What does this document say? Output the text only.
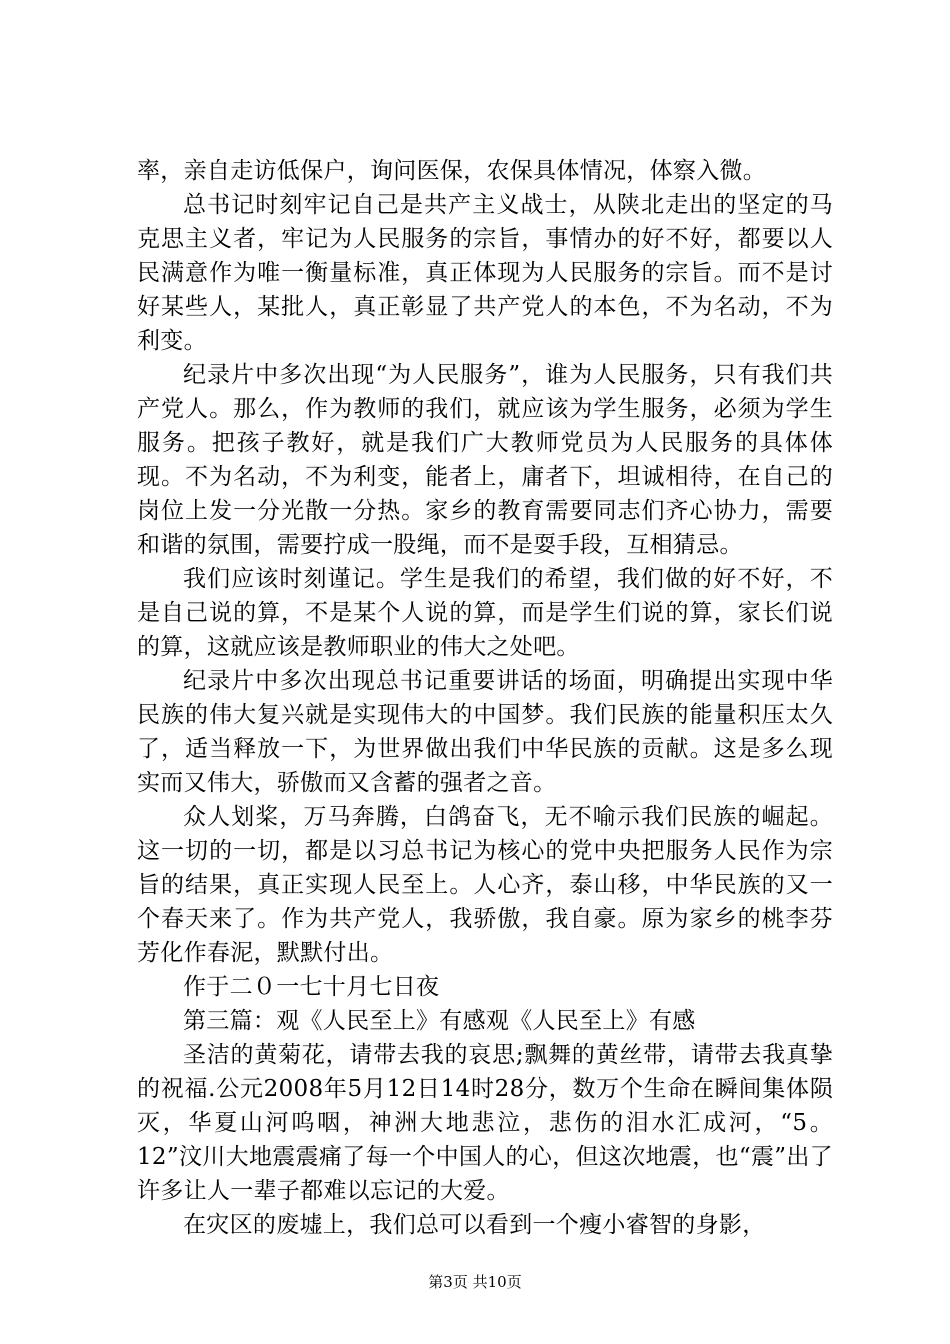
率，亲自走访低保户，询问医保，农保具体情况，体察入微。

总书记时刻牢记自己是共产主义战士，从陕北走出的坚定的马克思主义者，牢记为人民服务的宗旨，事情办的好不好，都要以人民满意作为唯一衡量标准，真正体现为人民服务的宗旨。而不是讨好某些人，某批人，真正彰显了共产党人的本色，不为名动，不为利变。

纪录片中多次出现“为人民服务”，谁为人民服务，只有我们共产党人。那么，作为教师的我们，就应该为学生服务，必须为学生服务。把孩子教好，就是我们广大教师党员为人民服务的具体体现。不为名动，不为利变，能者上，庸者下，坦诚相待，在自己的岗位上发一分光散一分热。家乡的教育需要同志们齐心协力，需要和谐的氛围，需要拧成一股绳，而不是耍手段，互相猜忌。

我们应该时刻谨记。学生是我们的希望，我们做的好不好，不是自己说的算，不是某个人说的算，而是学生们说的算，家长们说的算，这就应该是教师职业的伟大之处吧。

纪录片中多次出现总书记重要讲话的场面，明确提出实现中华民族的伟大复兴就是实现伟大的中国梦。我们民族的能量积压太久了，适当释放一下，为世界做出我们中华民族的贡献。这是多么现实而又伟大，骄傲而又含蓄的强者之音。

众人划桨，万马奔腾，白鸽奋飞，无不喻示我们民族的崛起。这一切的一切，都是以习总书记为核心的党中央把服务人民作为宗旨的结果，真正实现人民至上。人心齐，泰山移，中华民族的又一个春天来了。作为共产党人，我骄傲，我自豪。原为家乡的桃李芬芳化作春泥，默默付出。

作于二０一七十月七日夜

第三篇：观《人民至上》有感观《人民至上》有感

圣洁的黄菊花，请带去我的哀思;飘舞的黄丝带，请带去我真挚的祝福.公元2008年5月12日14时28分，数万个生命在瞬间集体陨灭，华夏山河呜咽，神洲大地悲泣，悲伤的泪水汇成河，“5。12”汶川大地震震痛了每一个中国人的心，但这次地震，也“震”出了许多让人一辈子都难以忘记的大爱。

在灾区的废墟上，我们总可以看到一个瘦小睿智的身影，

第3页 共10页
